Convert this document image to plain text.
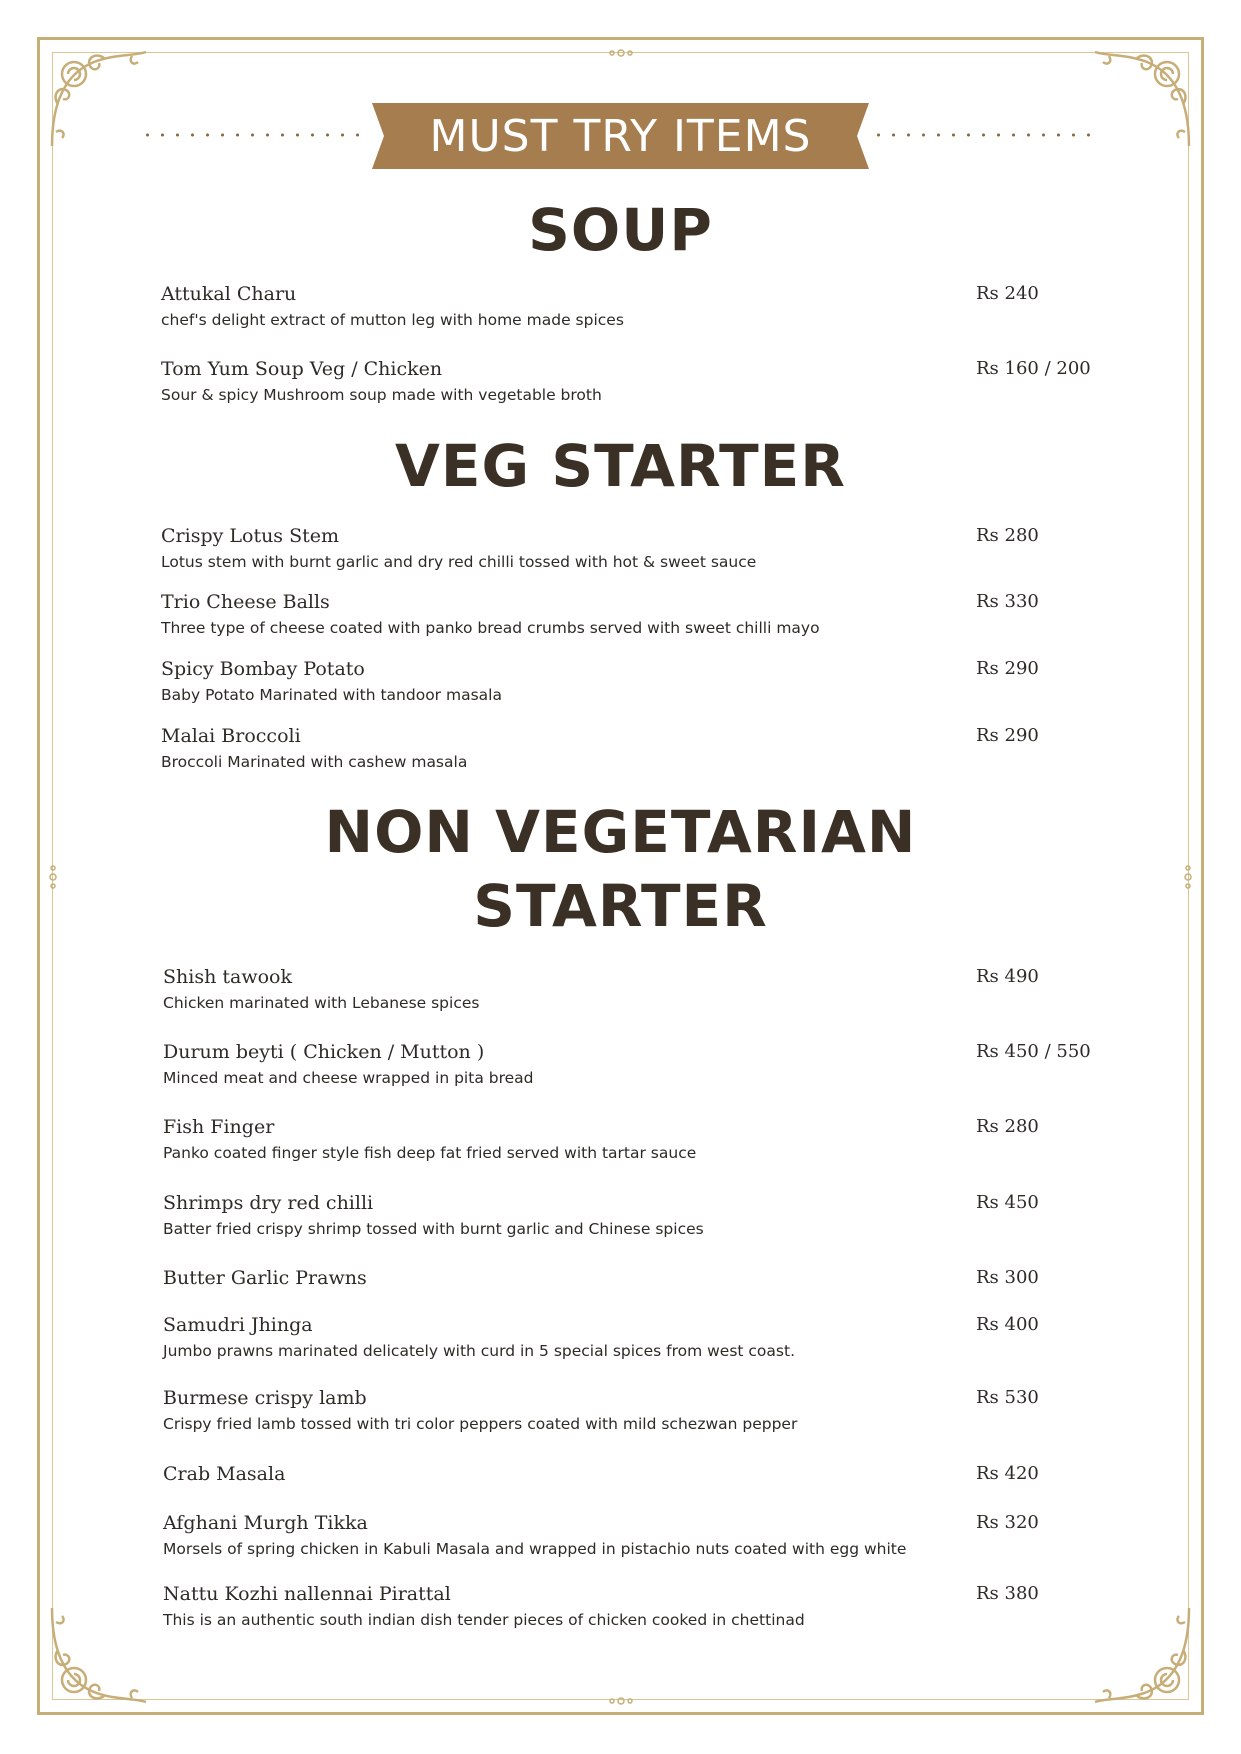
MUST TRY ITEMS
SOUP
Attukal Charu
chef's delight extract of mutton leg with home made spices
Rs 240
Tom Yum Soup Veg / Chicken
Sour & spicy Mushroom soup made with vegetable broth
Rs 160 / 200
VEG STARTER
Crispy Lotus Stem
Lotus stem with burnt garlic and dry red chilli tossed with hot & sweet sauce
Rs 280
Trio Cheese Balls
Three type of cheese coated with panko bread crumbs served with sweet chilli mayo
Rs 330
Spicy Bombay Potato
Baby Potato Marinated with tandoor masala
Rs 290
Malai Broccoli
Broccoli Marinated with cashew masala
Rs 290
NON VEGETARIAN
STARTER
Shish tawook
Chicken marinated with Lebanese spices
Rs 490
Durum beyti ( Chicken / Mutton )
Minced meat and cheese wrapped in pita bread
Rs 450 / 550
Fish Finger
Panko coated finger style fish deep fat fried served with tartar sauce
Rs 280
Shrimps dry red chilli
Batter fried crispy shrimp tossed with burnt garlic and Chinese spices
Rs 450
Butter Garlic Prawns	Rs 300
Samudri Jhinga
Jumbo prawns marinated delicately with curd in 5 special spices from west coast.
Rs 400
Burmese crispy lamb
Crispy fried lamb tossed with tri color peppers coated with mild schezwan pepper
Rs 530
Crab Masala	Rs 420
Afghani Murgh Tikka
Morsels of spring chicken in Kabuli Masala and wrapped in pistachio nuts coated with egg white
Rs 320
Nattu Kozhi nallennai Pirattal
This is an authentic south indian dish tender pieces of chicken cooked in chettinad
Rs 380
